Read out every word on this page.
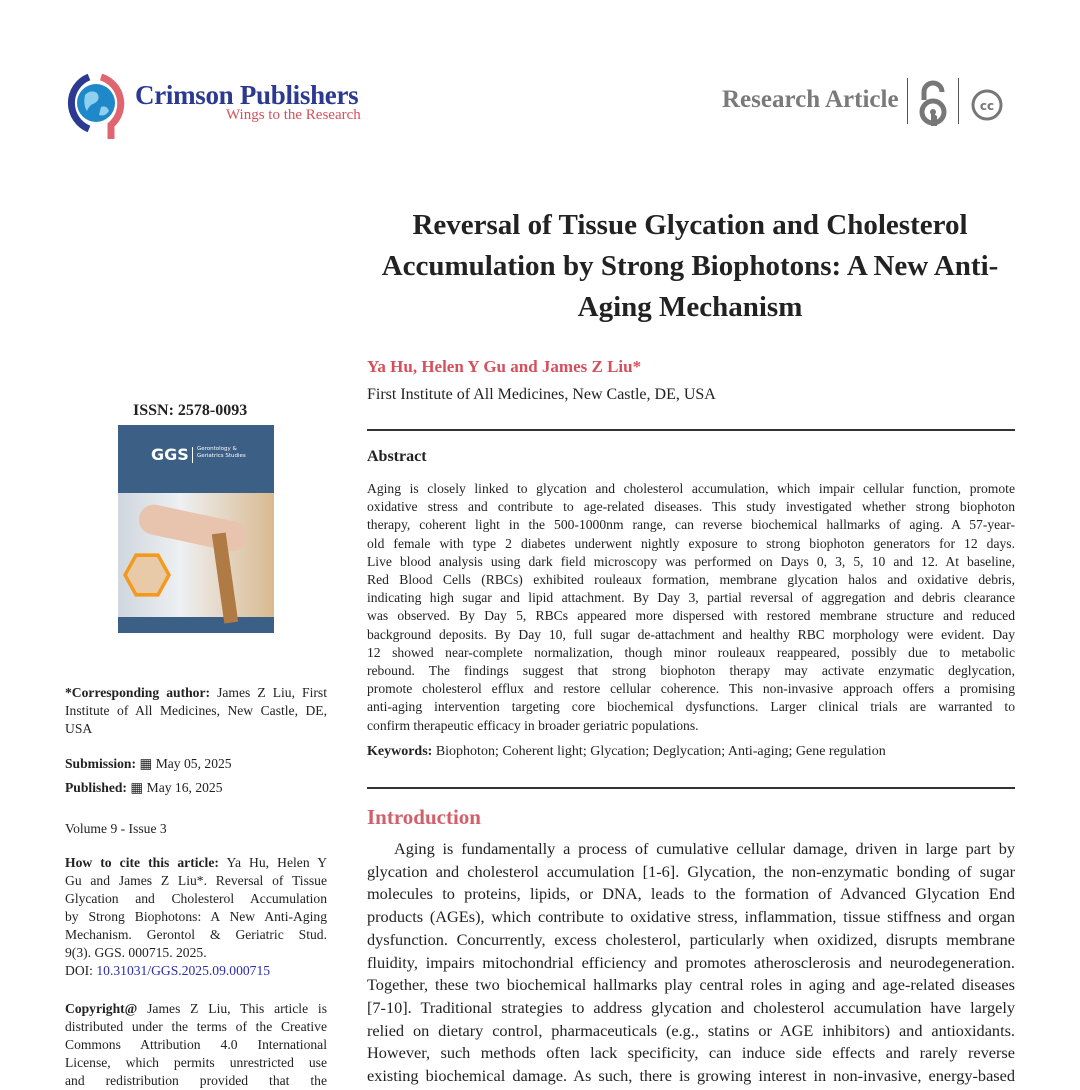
Crimson Publishers
Wings to the Research
Research Article	cc
Reversal of Tissue Glycation and Cholesterol Accumulation by Strong Biophotons: A New Anti-Aging Mechanism
Ya Hu, Helen Y Gu and James Z Liu*
First Institute of All Medicines, New Castle, DE, USA
Abstract
Aging is closely linked to glycation and cholesterol accumulation, which impair cellular function, promote
oxidative stress and contribute to age-related diseases. This study investigated whether strong biophoton
therapy, coherent light in the 500-1000nm range, can reverse biochemical hallmarks of aging. A 57-year-
old female with type 2 diabetes underwent nightly exposure to strong biophoton generators for 12 days.
Live blood analysis using dark field microscopy was performed on Days 0, 3, 5, 10 and 12. At baseline,
Red Blood Cells (RBCs) exhibited rouleaux formation, membrane glycation halos and oxidative debris,
indicating high sugar and lipid attachment. By Day 3, partial reversal of aggregation and debris clearance
was observed. By Day 5, RBCs appeared more dispersed with restored membrane structure and reduced
background deposits. By Day 10, full sugar de-attachment and healthy RBC morphology were evident. Day
12 showed near-complete normalization, though minor rouleaux reappeared, possibly due to metabolic
rebound. The findings suggest that strong biophoton therapy may activate enzymatic deglycation,
promote cholesterol efflux and restore cellular coherence. This non-invasive approach offers a promising
anti-aging intervention targeting core biochemical dysfunctions. Larger clinical trials are warranted to
confirm therapeutic efficacy in broader geriatric populations.
Keywords: Biophoton; Coherent light; Glycation; Deglycation; Anti-aging; Gene regulation
Introduction
Aging is fundamentally a process of cumulative cellular damage, driven in large part by
glycation and cholesterol accumulation [1-6]. Glycation, the non-enzymatic bonding of sugar
molecules to proteins, lipids, or DNA, leads to the formation of Advanced Glycation End
products (AGEs), which contribute to oxidative stress, inflammation, tissue stiffness and organ
dysfunction. Concurrently, excess cholesterol, particularly when oxidized, disrupts membrane
fluidity, impairs mitochondrial efficiency and promotes atherosclerosis and neurodegeneration.
Together, these two biochemical hallmarks play central roles in aging and age-related diseases
[7-10]. Traditional strategies to address glycation and cholesterol accumulation have largely
relied on dietary control, pharmaceuticals (e.g., statins or AGE inhibitors) and antioxidants.
However, such methods often lack specificity, can induce side effects and rarely reverse
existing biochemical damage. As such, there is growing interest in non-invasive, energy-based
ISSN: 2578-0093
GGS Gerontology &
Geriatrics Studies
*Corresponding author: James Z Liu, First
Institute of All Medicines, New Castle, DE,
USA
Submission: ▦ May 05, 2025
Published: ▦ May 16, 2025
Volume 9 - Issue 3
How to cite this article: Ya Hu, Helen Y
Gu and James Z Liu*. Reversal of Tissue
Glycation and Cholesterol Accumulation
by Strong Biophotons: A New Anti-Aging
Mechanism. Gerontol & Geriatric Stud.
9(3). GGS. 000715. 2025.
DOI: 10.31031/GGS.2025.09.000715
Copyright@ James Z Liu, This article is
distributed under the terms of the Creative
Commons Attribution 4.0 International
License, which permits unrestricted use
and redistribution provided that the
